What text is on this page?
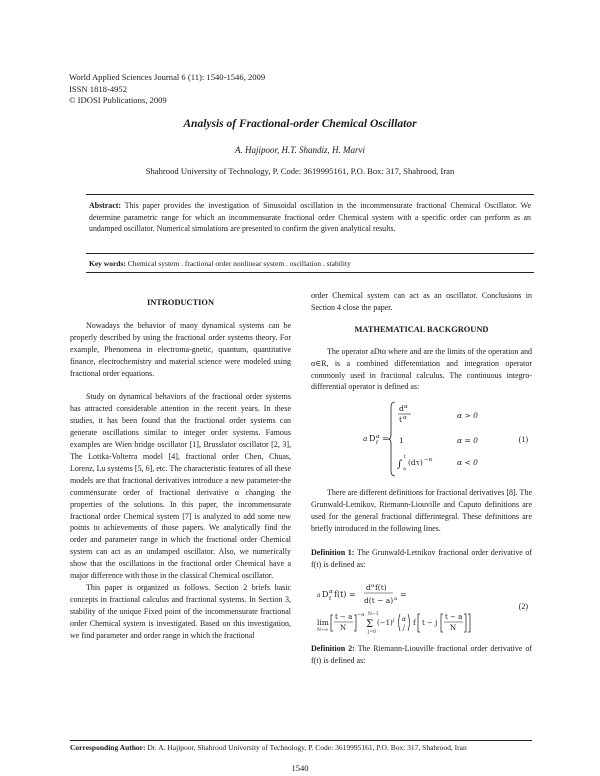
World Applied Sciences Journal 6 (11): 1540-1546, 2009
ISSN 1818-4952
© IDOSI Publications, 2009
Analysis of Fractional-order Chemical Oscillator
A. Hajipoor, H.T. Shandiz, H. Marvi
Shahrood University of Technology, P. Code: 3619995161, P.O. Box: 317, Shahrood, Iran
Abstract: This paper provides the investigation of Sinusoidal oscillation in the incommensurate fractional Chemical Oscillator. We determine parametric range for which an incommensurate fractional order Chemical system with a specific order can perform as an undamped oscillator. Numerical simulations are presented to confirm the given analytical results.
Key words: Chemical system . fractional order nonlinear system . oscillation . stability
INTRODUCTION

Nowadays the behavior of many dynamical systems can be properly described by using the fractional order systems theory. For example, Phenomena in electroma-gnetic, quantum, quantitative finance, electrochemistry and material science were modeled using fractional order equations.

Study on dynamical behaviors of the fractional order systems has attracted considerable attention in the recent years. In these studies, it has been found that the fractional order systems can generate oscillations similar to integer order systems. Famous examples are Wien bridge oscillator [1], Brusslator oscillator [2, 3], The Lottka-Volterra model [4], fractional order Chen, Chuas, Lorenz, Lu systems [5, 6], etc. The characteristic features of all these models are that fractional derivatives introduce a new parameter-the commensurate order of fractional derivative α changing the properties of the solutions. In this paper, the incommensurate fractional order Chemical system [7] is analyzed to add some new points to achievements of those papers. We analytically find the order and parameter range in which the fractional order Chemical system can act as an undamped oscillator. Also, we numerically show that the oscillations in the fractional order Chemical have a major difference with those in the classical Chemical oscillator.

This paper is organized as follows. Section 2 briefs basic concepts in fractional calculus and fractional systems. In Section 3, stability of the unique Fixed point of the incommensurate fractional order Chemical system is investigated. Based on this investigation, we find parameter and order range in which the fractional

order Chemical system can act as an oscillator. Conclusions in Section 4 close the paper.
MATHEMATICAL BACKGROUND

The operator aDtα where and are the limits of the operation and α∈R, is a combined differentiation and integration operator commonly used in fractional calculus. The continuous integro-differential operator is defined as:

a D α
t =
d α
t α	α > 0
1	α = 0
∫
t
a
(dτ) −α	α < 0
(1)

There are different definitions for fractional derivatives [8]. The Grunwald-Letnikov, Riemann-Liouville and Caputo definitions are used for the general fractional differintegral. These definitions are briefly introduced in the following lines.

Definition 1: The Grunwald-Letnikov fractional order derivative of f(t) is defined as:
a D α
t f(t) =
d α f(t)
d(t − a) α =
lim
N→∞
t − a
N
−α
Σ
N−1
j=0
(−1) j α
j
f t − j
t − a
N
(2)
Definition 2: The Riemann-Liouville fractional order derivative of f(t) is defined as:
Corresponding Author: Dr. A. Hajipoor, Shahrood University of Technology, P. Code: 3619995161, P.O. Box: 317, Shahrood, Iran
1540
